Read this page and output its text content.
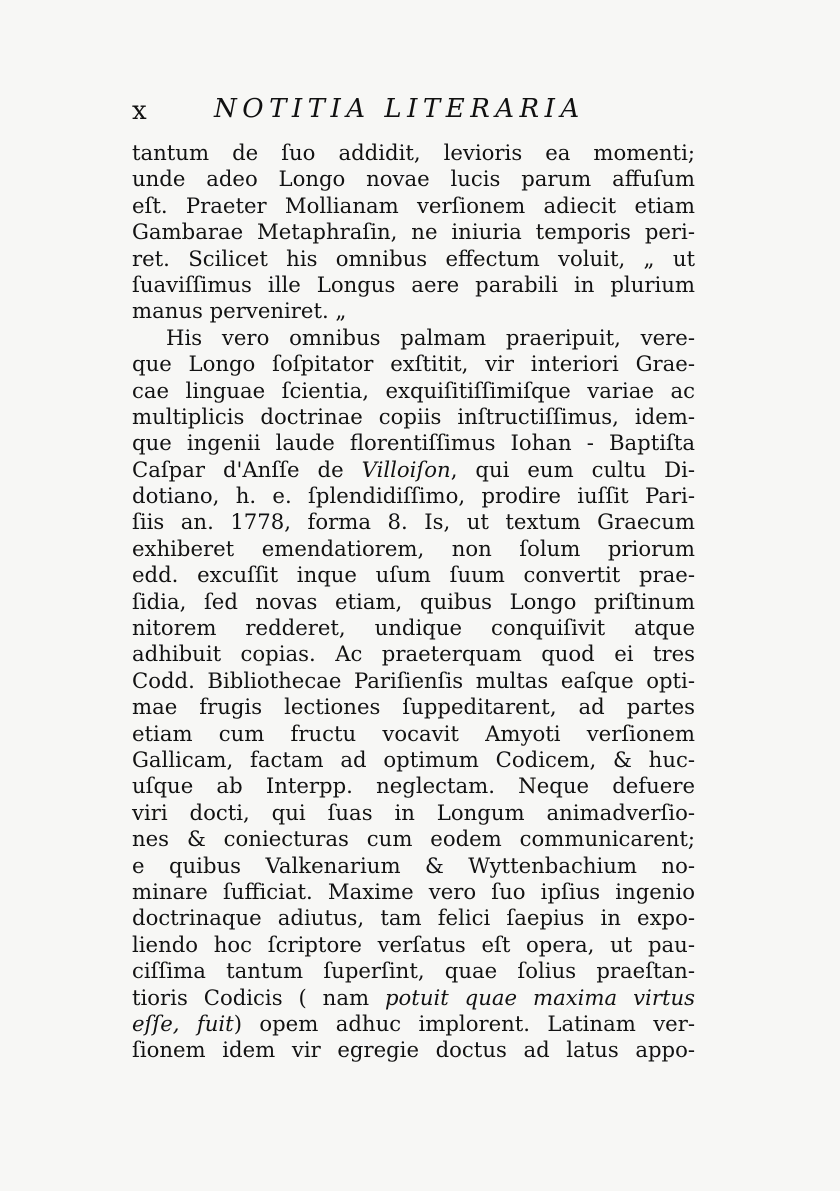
x	NOTITIA LITERARIA
tantum de ſuo addidit, levioris ea momenti;
unde adeo Longo novae lucis parum affuſum
eſt. Praeter Mollianam verſionem adiecit etiam
Gambarae Metaphraſin, ne iniuria temporis peri-
ret. Scilicet his omnibus effectum voluit, „ ut
ſuaviſſimus ille Longus aere parabili in plurium
manus perveniret. „
His vero omnibus palmam praeripuit, vere-
que Longo ſoſpitator exſtitit, vir interiori Grae-
cae linguae ſcientia, exquiſitiſſimiſque variae ac
multiplicis doctrinae copiis inſtructiſſimus, idem-
que ingenii laude florentiſſimus Iohan - Baptiſta
Caſpar d'Anſſe de Villoiſon, qui eum cultu Di-
dotiano, h. e. ſplendidiſſimo, prodire iuſſit Pari-
ſiis an. 1778, forma 8. Is, ut textum Graecum
exhiberet emendatiorem, non ſolum priorum
edd. excuſſit inque uſum ſuum convertit prae-
ſidia, ſed novas etiam, quibus Longo priſtinum
nitorem redderet, undique conquiſivit atque
adhibuit copias. Ac praeterquam quod ei tres
Codd. Bibliothecae Pariſienſis multas eaſque opti-
mae frugis lectiones ſuppeditarent, ad partes
etiam cum fructu vocavit Amyoti verſionem
Gallicam, factam ad optimum Codicem, & huc-
uſque ab Interpp. neglectam. Neque defuere
viri docti, qui ſuas in Longum animadverſio-
nes & coniecturas cum eodem communicarent;
e quibus Valkenarium & Wyttenbachium no-
minare ſufficiat. Maxime vero ſuo ipſius ingenio
doctrinaque adiutus, tam felici ſaepius in expo-
liendo hoc ſcriptore verſatus eſt opera, ut pau-
ciſſima tantum ſuperſint, quae ſolius praeſtan-
tioris Codicis ( nam potuit quae maxima virtus
eſſe, fuit) opem adhuc implorent. Latinam ver-
ſionem idem vir egregie doctus ad latus appo-
